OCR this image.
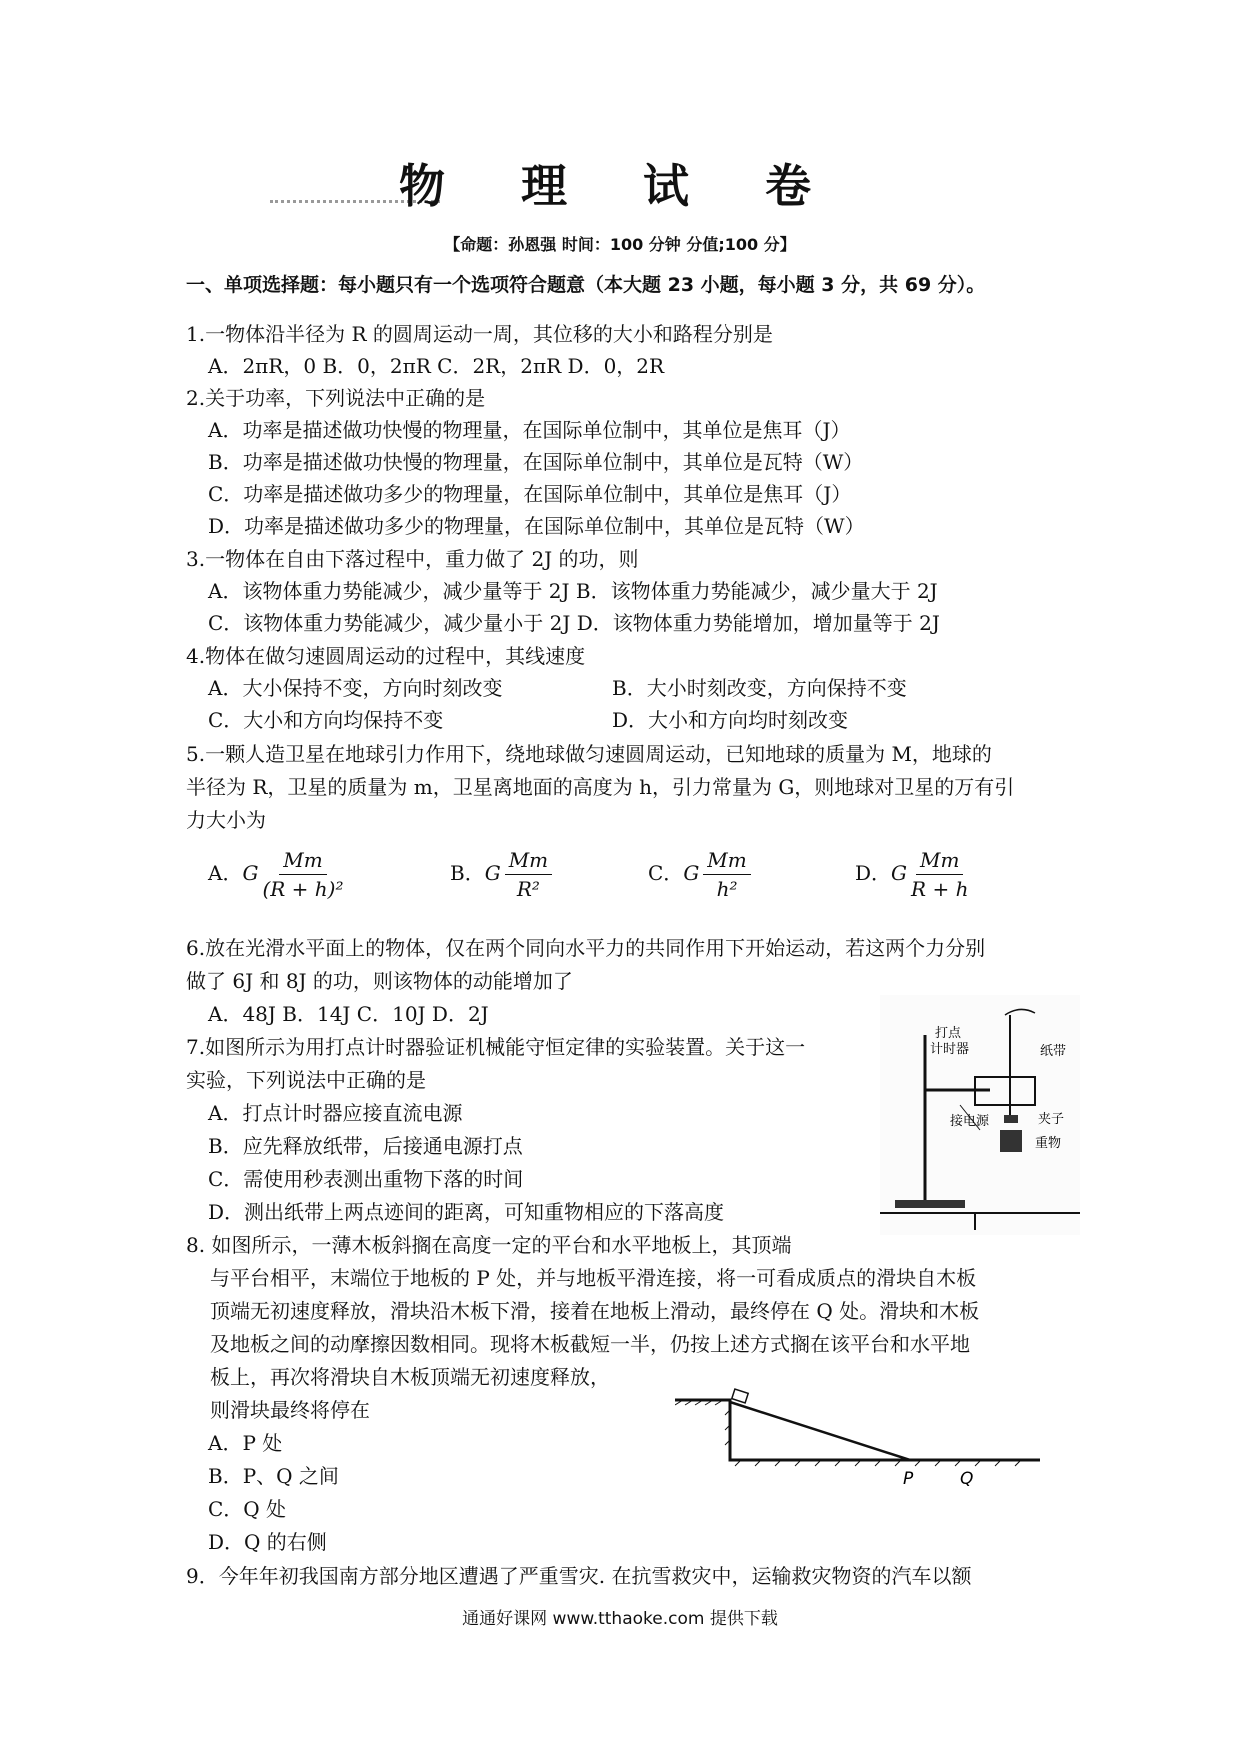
物 理 试 卷
【命题：孙恩强 时间：100 分钟 分值;100 分】
一、单项选择题：每小题只有一个选项符合题意（本大题 23 小题，每小题 3 分，共 69 分）。
1.一物体沿半径为 R 的圆周运动一周，其位移的大小和路程分别是
A．2πR，0 B．0，2πR C．2R，2πR D．0，2R
2.关于功率，下列说法中正确的是
A．功率是描述做功快慢的物理量，在国际单位制中，其单位是焦耳（J）
B．功率是描述做功快慢的物理量，在国际单位制中，其单位是瓦特（W）
C．功率是描述做功多少的物理量，在国际单位制中，其单位是焦耳（J）
D．功率是描述做功多少的物理量，在国际单位制中，其单位是瓦特（W）
3.一物体在自由下落过程中，重力做了 2J 的功，则
A．该物体重力势能减少，减少量等于 2J B．该物体重力势能减少，减少量大于 2J
C．该物体重力势能减少，减少量小于 2J D．该物体重力势能增加，增加量等于 2J
4.物体在做匀速圆周运动的过程中，其线速度
A．大小保持不变，方向时刻改变	B．大小时刻改变，方向保持不变
C．大小和方向均保持不变	D．大小和方向均时刻改变
5.一颗人造卫星在地球引力作用下，绕地球做匀速圆周运动，已知地球的质量为 M，地球的
半径为 R，卫星的质量为 m，卫星离地面的高度为 h，引力常量为 G，则地球对卫星的万有引
力大小为
A．G $\frac{Mm}{\text{(R + h)²}}$	B．G $\frac{Mm}{\text{R²}}$	C．G $\frac{Mm}{\text{h²}}$	D．G $\frac{Mm}{R + h}$
6.放在光滑水平面上的物体，仅在两个同向水平力的共同作用下开始运动，若这两个力分别
做了 6J 和 8J 的功，则该物体的动能增加了
A．48J B．14J C．10J D．2J
7.如图所示为用打点计时器验证机械能守恒定律的实验装置。关于这一
实验，下列说法中正确的是
A．打点计时器应接直流电源
B．应先释放纸带，后接通电源打点
C．需使用秒表测出重物下落的时间
D．测出纸带上两点迹间的距离，可知重物相应的下落高度
打点
计时器	纸带
夹子
接电源
重物
8. 如图所示，一薄木板斜搁在高度一定的平台和水平地板上，其顶端
与平台相平，末端位于地板的 P 处，并与地板平滑连接，将一可看成质点的滑块自木板
顶端无初速度释放，滑块沿木板下滑，接着在地板上滑动，最终停在 Q 处。滑块和木板
及地板之间的动摩擦因数相同。现将木板截短一半，仍按上述方式搁在该平台和水平地
板上，再次将滑块自木板顶端无初速度释放，
则滑块最终将停在
A．P 处
B．P、Q 之间
C．Q 处
D．Q 的右侧
P	Q
9．今年年初我国南方部分地区遭遇了严重雪灾. 在抗雪救灾中，运输救灾物资的汽车以额
通通好课网 www.tthaoke.com 提供下载
